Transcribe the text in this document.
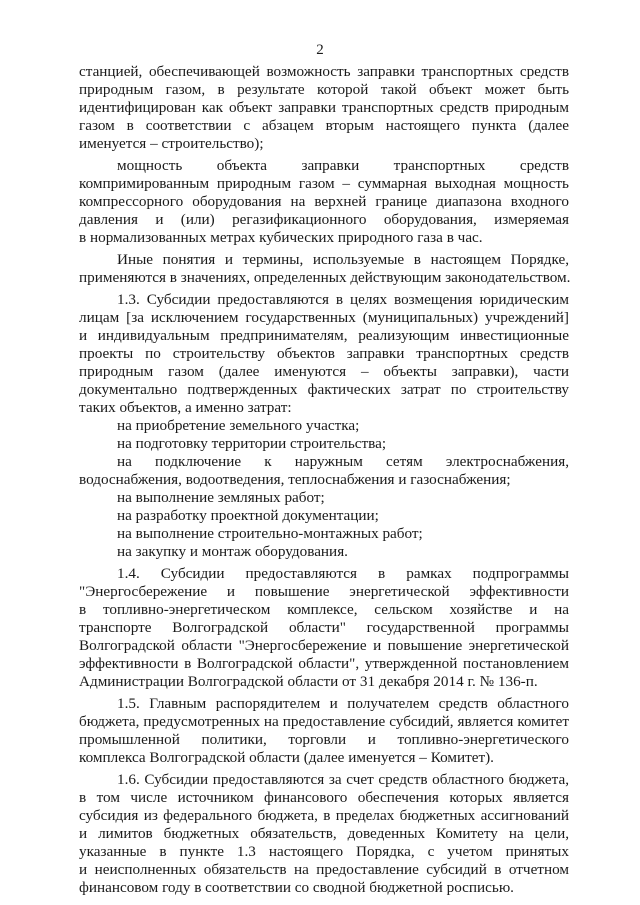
2
станцией, обеспечивающей возможность заправки транспортных средств
природным газом, в результате которой такой объект может быть
идентифицирован как объект заправки транспортных средств природным
газом в соответствии с абзацем вторым настоящего пункта (далее
именуется – строительство);
мощность объекта заправки транспортных средств
компримированным природным газом – суммарная выходная мощность
компрессорного оборудования на верхней границе диапазона входного
давления и (или) регазификационного оборудования, измеряемая
в нормализованных метрах кубических природного газа в час.
Иные понятия и термины, используемые в настоящем Порядке,
применяются в значениях, определенных действующим законодательством.
1.3. Субсидии предоставляются в целях возмещения юридическим
лицам [за исключением государственных (муниципальных) учреждений]
и индивидуальным предпринимателям, реализующим инвестиционные
проекты по строительству объектов заправки транспортных средств
природным газом (далее именуются – объекты заправки), части
документально подтвержденных фактических затрат по строительству
таких объектов, а именно затрат:
на приобретение земельного участка;
на подготовку территории строительства;
на подключение к наружным сетям электроснабжения,
водоснабжения, водоотведения, теплоснабжения и газоснабжения;
на выполнение земляных работ;
на разработку проектной документации;
на выполнение строительно-монтажных работ;
на закупку и монтаж оборудования.
1.4. Субсидии предоставляются в рамках подпрограммы
"Энергосбережение и повышение энергетической эффективности
в топливно-энергетическом комплексе, сельском хозяйстве и на
транспорте Волгоградской области" государственной программы
Волгоградской области "Энергосбережение и повышение энергетической
эффективности в Волгоградской области", утвержденной постановлением
Администрации Волгоградской области от 31 декабря 2014 г. № 136-п.
1.5. Главным распорядителем и получателем средств областного
бюджета, предусмотренных на предоставление субсидий, является комитет
промышленной политики, торговли и топливно-энергетического
комплекса Волгоградской области (далее именуется – Комитет).
1.6. Субсидии предоставляются за счет средств областного бюджета,
в том числе источником финансового обеспечения которых является
субсидия из федерального бюджета, в пределах бюджетных ассигнований
и лимитов бюджетных обязательств, доведенных Комитету на цели,
указанные в пункте 1.3 настоящего Порядка, с учетом принятых
и неисполненных обязательств на предоставление субсидий в отчетном
финансовом году в соответствии со сводной бюджетной росписью.
